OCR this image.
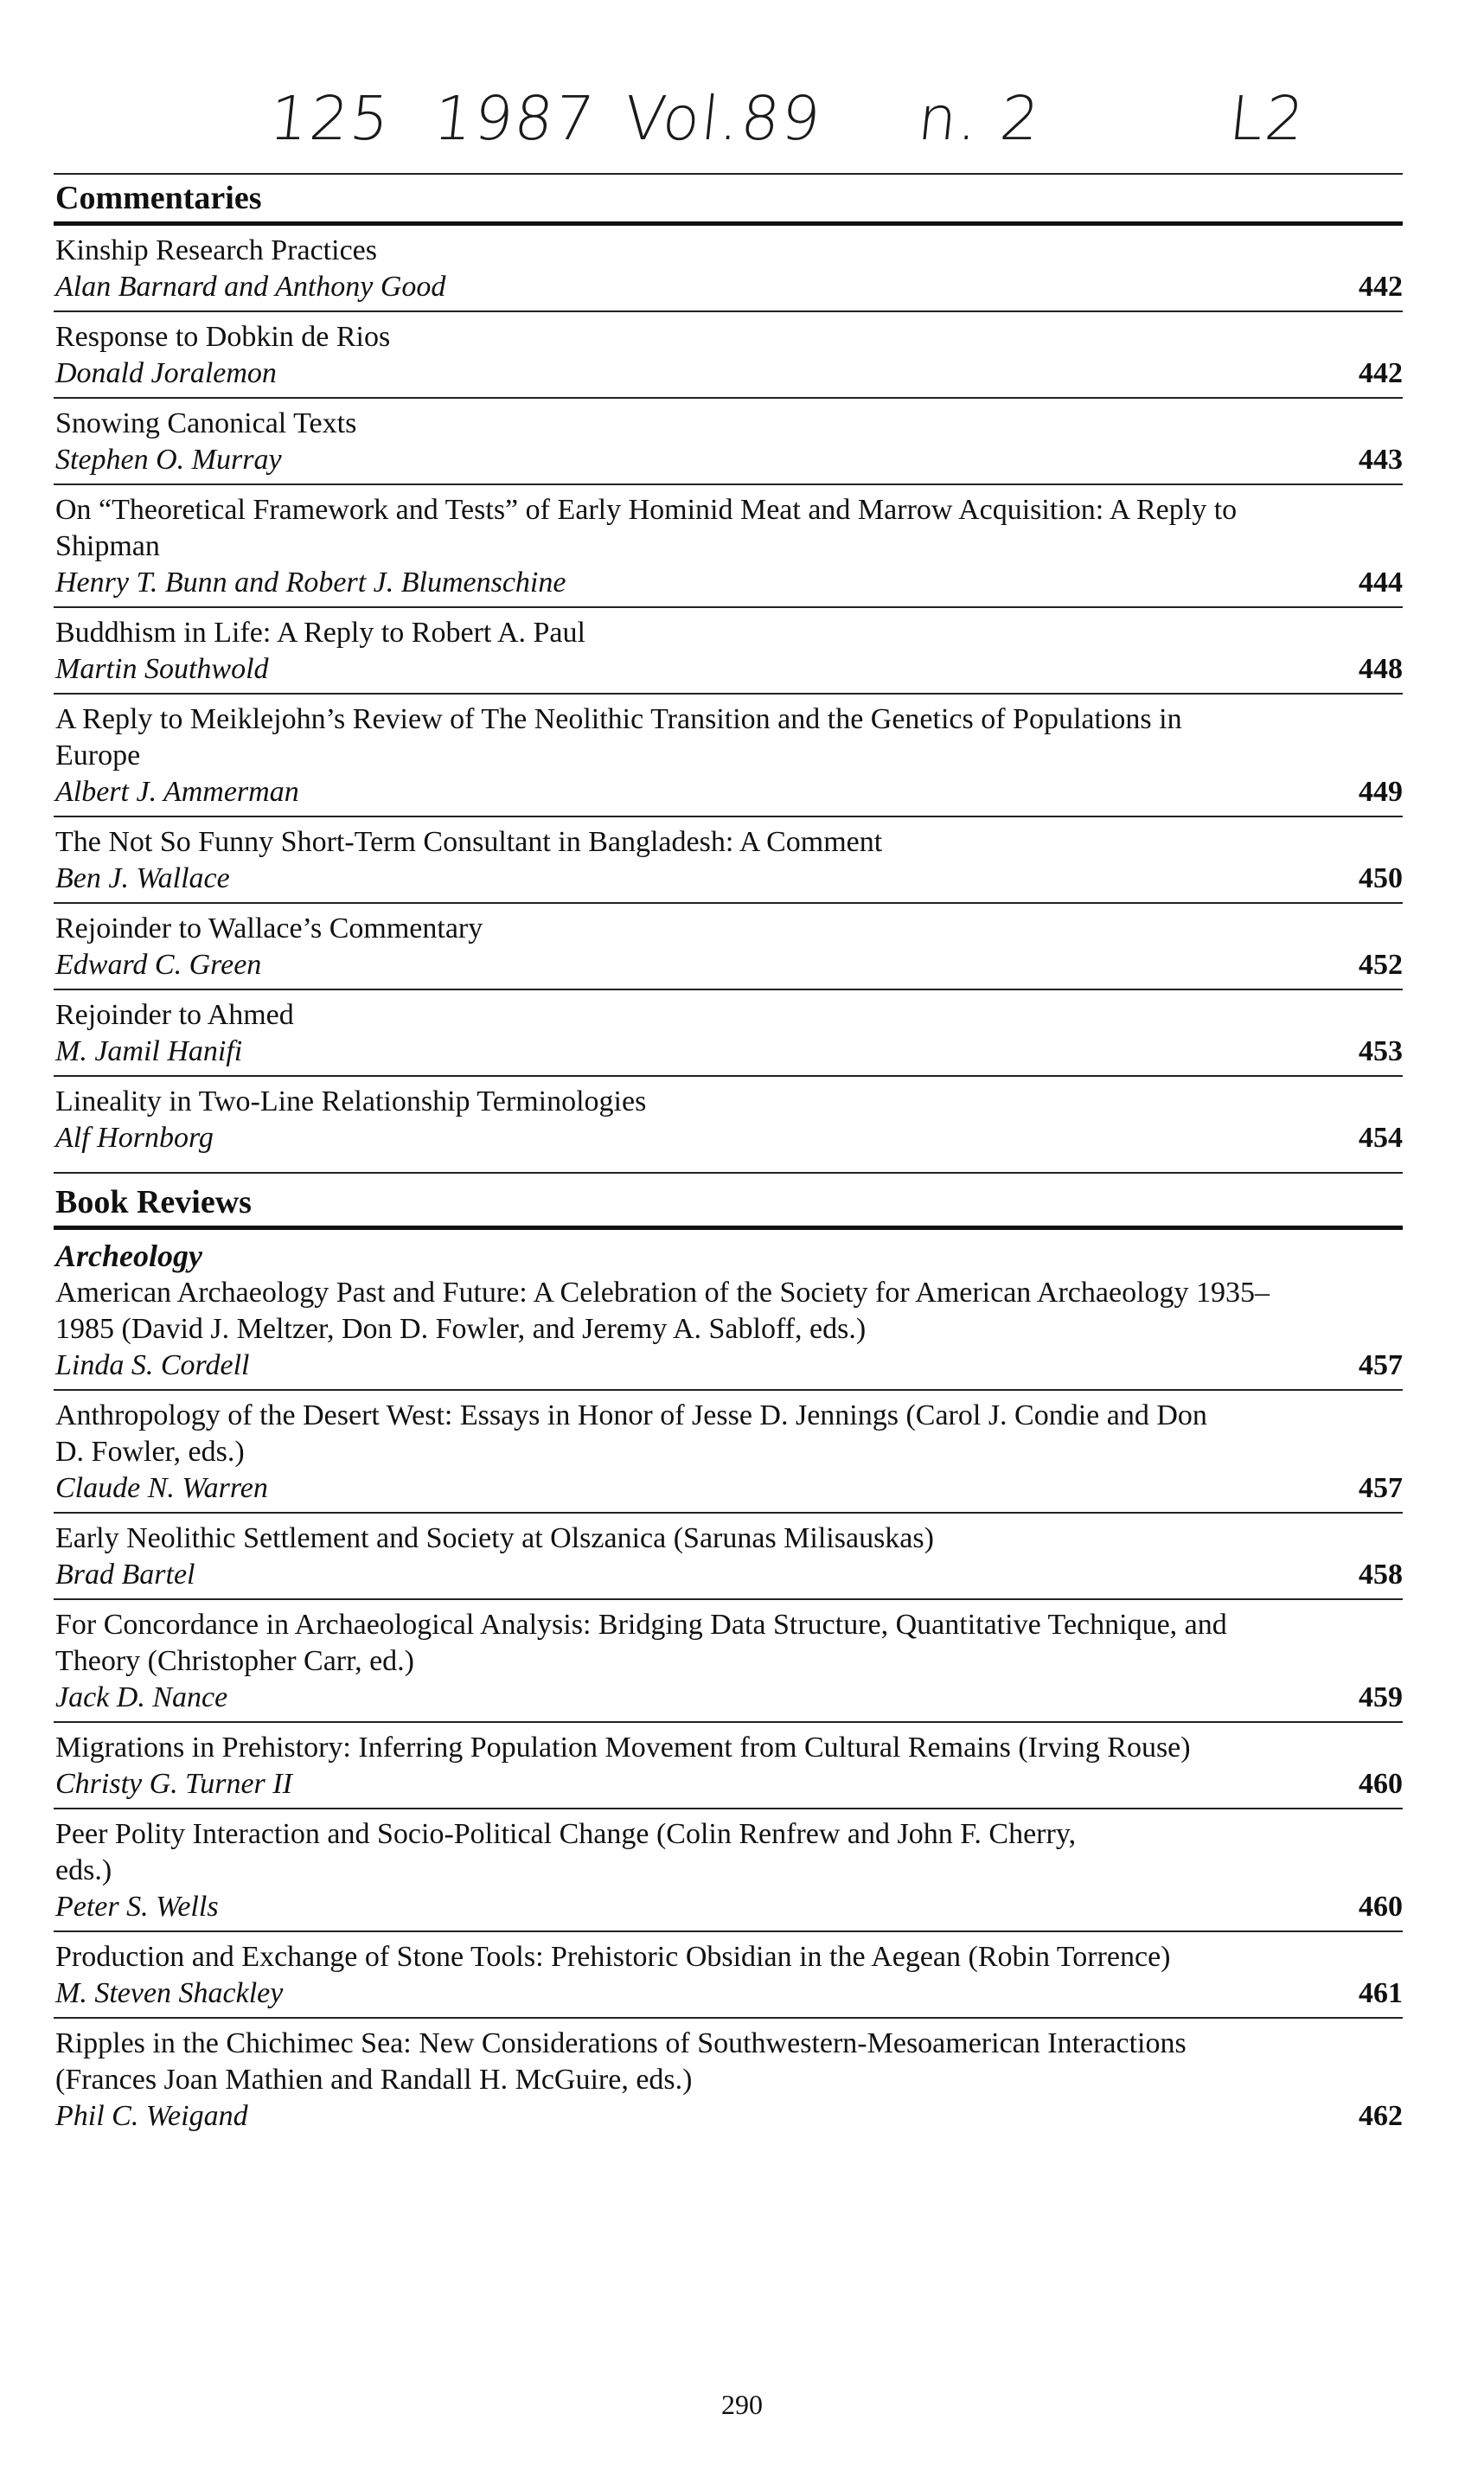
125 1987 Vol.89 n. 2	L2
Commentaries
Kinship Research Practices
Alan Barnard and Anthony Good	442
Response to Dobkin de Rios
Donald Joralemon	442
Snowing Canonical Texts
Stephen O. Murray	443
On “Theoretical Framework and Tests” of Early Hominid Meat and Marrow Acquisition: A Reply to Shipman
Henry T. Bunn and Robert J. Blumenschine	444
Buddhism in Life: A Reply to Robert A. Paul
Martin Southwold	448
A Reply to Meiklejohn’s Review of The Neolithic Transition and the Genetics of Populations in Europe
Albert J. Ammerman	449
The Not So Funny Short-Term Consultant in Bangladesh: A Comment
Ben J. Wallace	450
Rejoinder to Wallace’s Commentary
Edward C. Green	452
Rejoinder to Ahmed
M. Jamil Hanifi	453
Lineality in Two-Line Relationship Terminologies
Alf Hornborg	454
Book Reviews
Archeology
American Archaeology Past and Future: A Celebration of the Society for American Archaeology 1935–1985 (David J. Meltzer, Don D. Fowler, and Jeremy A. Sabloff, eds.)
Linda S. Cordell	457
Anthropology of the Desert West: Essays in Honor of Jesse D. Jennings (Carol J. Condie and Don D. Fowler, eds.)
Claude N. Warren	457
Early Neolithic Settlement and Society at Olszanica (Sarunas Milisauskas)
Brad Bartel	458
For Concordance in Archaeological Analysis: Bridging Data Structure, Quantitative Technique, and Theory (Christopher Carr, ed.)
Jack D. Nance	459
Migrations in Prehistory: Inferring Population Movement from Cultural Remains (Irving Rouse)
Christy G. Turner II	460
Peer Polity Interaction and Socio-Political Change (Colin Renfrew and John F. Cherry, eds.)
Peter S. Wells	460
Production and Exchange of Stone Tools: Prehistoric Obsidian in the Aegean (Robin Torrence)
M. Steven Shackley	461
Ripples in the Chichimec Sea: New Considerations of Southwestern-Mesoamerican Interactions (Frances Joan Mathien and Randall H. McGuire, eds.)
Phil C. Weigand	462
290
